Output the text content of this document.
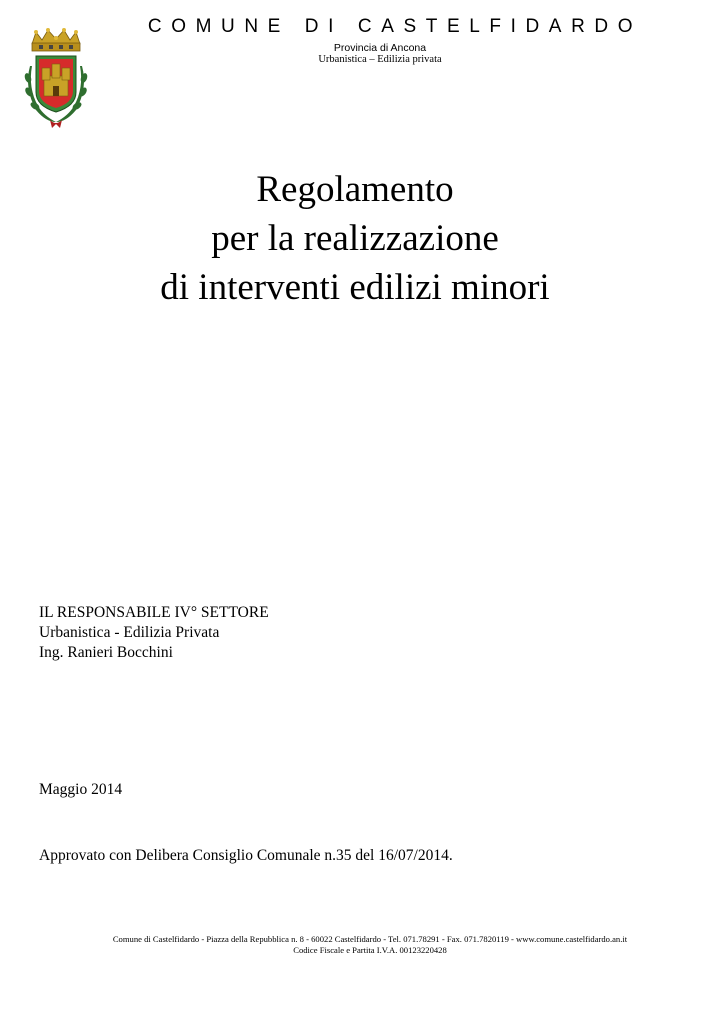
COMUNE DI CASTELFIDARDO
Provincia di Ancona
Urbanistica – Edilizia privata
Regolamento
per la realizzazione
di interventi edilizi minori
IL RESPONSABILE IV° SETTORE
Urbanistica - Edilizia Privata
Ing. Ranieri Bocchini
Maggio 2014
Approvato con Delibera Consiglio Comunale n.35 del 16/07/2014.
Comune di Castelfidardo - Piazza della Repubblica n. 8 - 60022 Castelfidardo - Tel. 071.78291 - Fax. 071.7820119 - www.comune.castelfidardo.an.it
Codice Fiscale e Partita I.V.A. 00123220428
